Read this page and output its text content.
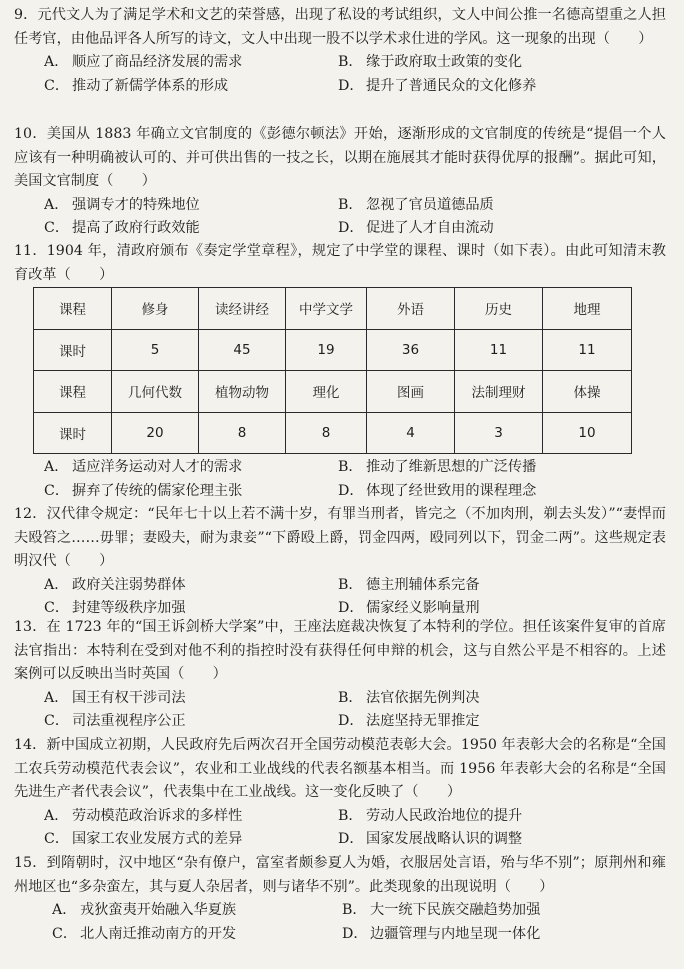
9．元代文人为了满足学术和文艺的荣誉感，出现了私设的考试组织，文人中间公推一名德高望重之人担任考官，由他品评各人所写的诗文，文人中出现一股不以学术求仕进的学风。这一现象的出现（　　）

A． 顺应了商品经济发展的需求	B． 缘于政府取士政策的变化
C． 推动了新儒学体系的形成	D． 提升了普通民众的文化修养

10．美国从 1883 年确立文官制度的《彭德尔顿法》开始，逐渐形成的文官制度的传统是“提倡一个人应该有一种明确被认可的、并可供出售的一技之长，以期在施展其才能时获得优厚的报酬”。据此可知，美国文官制度（　　）

A． 强调专才的特殊地位	B． 忽视了官员道德品质
C． 提高了政府行政效能	D． 促进了人才自由流动

11．1904 年，清政府颁布《奏定学堂章程》，规定了中学堂的课程、课时（如下表）。由此可知清末教育改革（　　）

课程	修身	读经讲经	中学文学	外语	历史	地理
课时	5	45	19	36	11	11
课程	几何代数	植物动物	理化	图画	法制理财	体操
课时	20	8	8	4	3	10
A． 适应洋务运动对人才的需求	B． 推动了维新思想的广泛传播
C． 摒弃了传统的儒家伦理主张	D． 体现了经世致用的课程理念

12．汉代律令规定：“民年七十以上若不满十岁，有罪当刑者，皆完之（不加肉刑，剃去头发）”“妻悍而夫殴笞之……毋罪；妻殴夫，耐为隶妾”“下爵殴上爵，罚金四两，殴同列以下，罚金二两”。这些规定表明汉代（　　）

A． 政府关注弱势群体	B． 德主刑辅体系完备
C． 封建等级秩序加强	D． 儒家经义影响量刑

13．在 1723 年的“国王诉剑桥大学案”中，王座法庭裁决恢复了本特利的学位。担任该案件复审的首席法官指出：本特利在受到对他不利的指控时没有获得任何申辩的机会，这与自然公平是不相容的。上述案例可以反映出当时英国（　　）

A． 国王有权干涉司法	B． 法官依据先例判决
C． 司法重视程序公正	D． 法庭坚持无罪推定

14．新中国成立初期，人民政府先后两次召开全国劳动模范表彰大会。1950 年表彰大会的名称是“全国工农兵劳动模范代表会议”，农业和工业战线的代表名额基本相当。而 1956 年表彰大会的名称是“全国先进生产者代表会议”，代表集中在工业战线。这一变化反映了（　　）

A． 劳动模范政治诉求的多样性	B． 劳动人民政治地位的提升
C． 国家工农业发展方式的差异	D． 国家发展战略认识的调整

15．到隋朝时，汉中地区“杂有僚户，富室者颇参夏人为婚，衣服居处言语，殆与华不别”；原荆州和雍州地区也“多杂蛮左，其与夏人杂居者，则与诸华不别”。此类现象的出现说明（　　）

A． 戎狄蛮夷开始融入华夏族	B． 大一统下民族交融趋势加强
C． 北人南迁推动南方的开发	D． 边疆管理与内地呈现一体化
